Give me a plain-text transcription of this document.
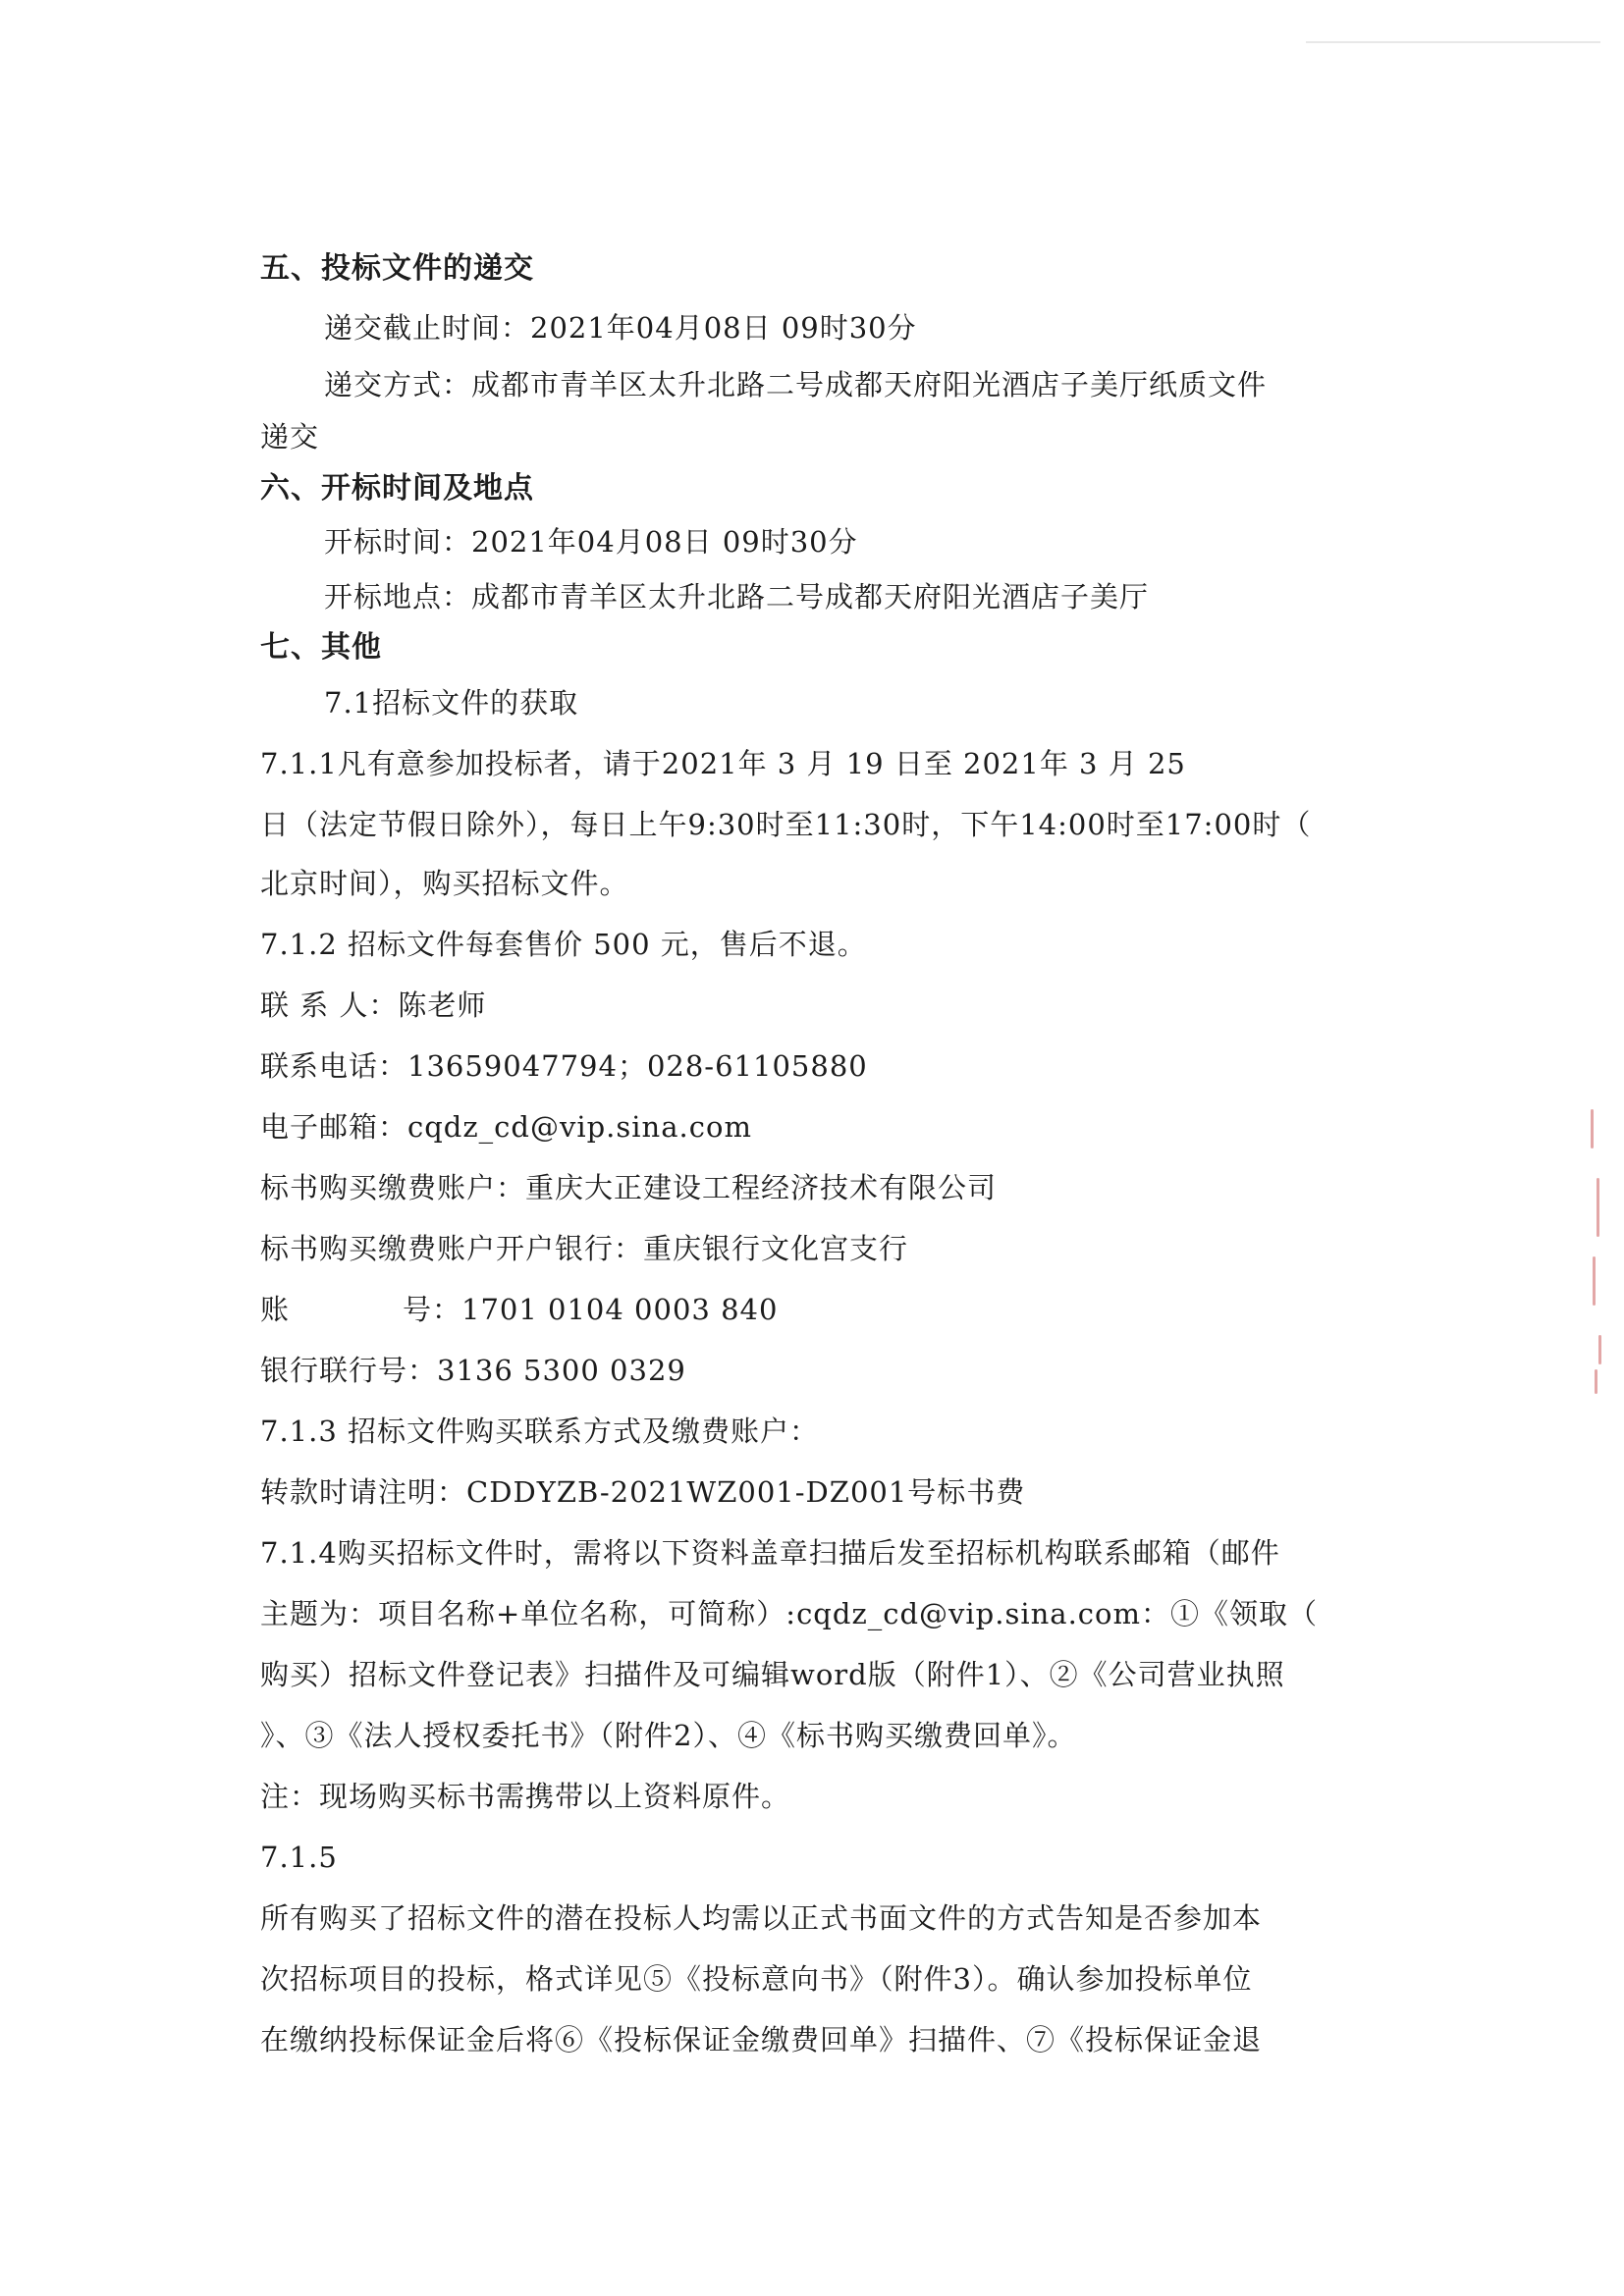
五、投标文件的递交
递交截止时间：2021年04月08日 09时30分
递交方式：成都市青羊区太升北路二号成都天府阳光酒店子美厅纸质文件
递交
六、开标时间及地点
开标时间：2021年04月08日 09时30分
开标地点：成都市青羊区太升北路二号成都天府阳光酒店子美厅
七、其他
7.1招标文件的获取
7.1.1凡有意参加投标者，请于2021年 3 月 19 日至 2021年 3 月 25
日（法定节假日除外），每日上午9:30时至11:30时，下午14:00时至17:00时（
北京时间），购买招标文件。
7.1.2 招标文件每套售价 500 元，售后不退。
联 系 人：陈老师
联系电话：13659047794；028-61105880
电子邮箱：cqdz_cd@vip.sina.com
标书购买缴费账户：重庆大正建设工程经济技术有限公司
标书购买缴费账户开户银行：重庆银行文化宫支行
账	号：1701 0104 0003 840
银行联行号：3136 5300 0329
7.1.3 招标文件购买联系方式及缴费账户：
转款时请注明：CDDYZB-2021WZ001-DZ001号标书费
7.1.4购买招标文件时，需将以下资料盖章扫描后发至招标机构联系邮箱（邮件
主题为：项目名称+单位名称，可简称）:cqdz_cd@vip.sina.com：①《领取（
购买）招标文件登记表》扫描件及可编辑word版（附件1）、②《公司营业执照
》、③《法人授权委托书》（附件2）、④《标书购买缴费回单》。
注：现场购买标书需携带以上资料原件。
7.1.5
所有购买了招标文件的潜在投标人均需以正式书面文件的方式告知是否参加本
次招标项目的投标，格式详见⑤《投标意向书》（附件3）。确认参加投标单位
在缴纳投标保证金后将⑥《投标保证金缴费回单》扫描件、⑦《投标保证金退
